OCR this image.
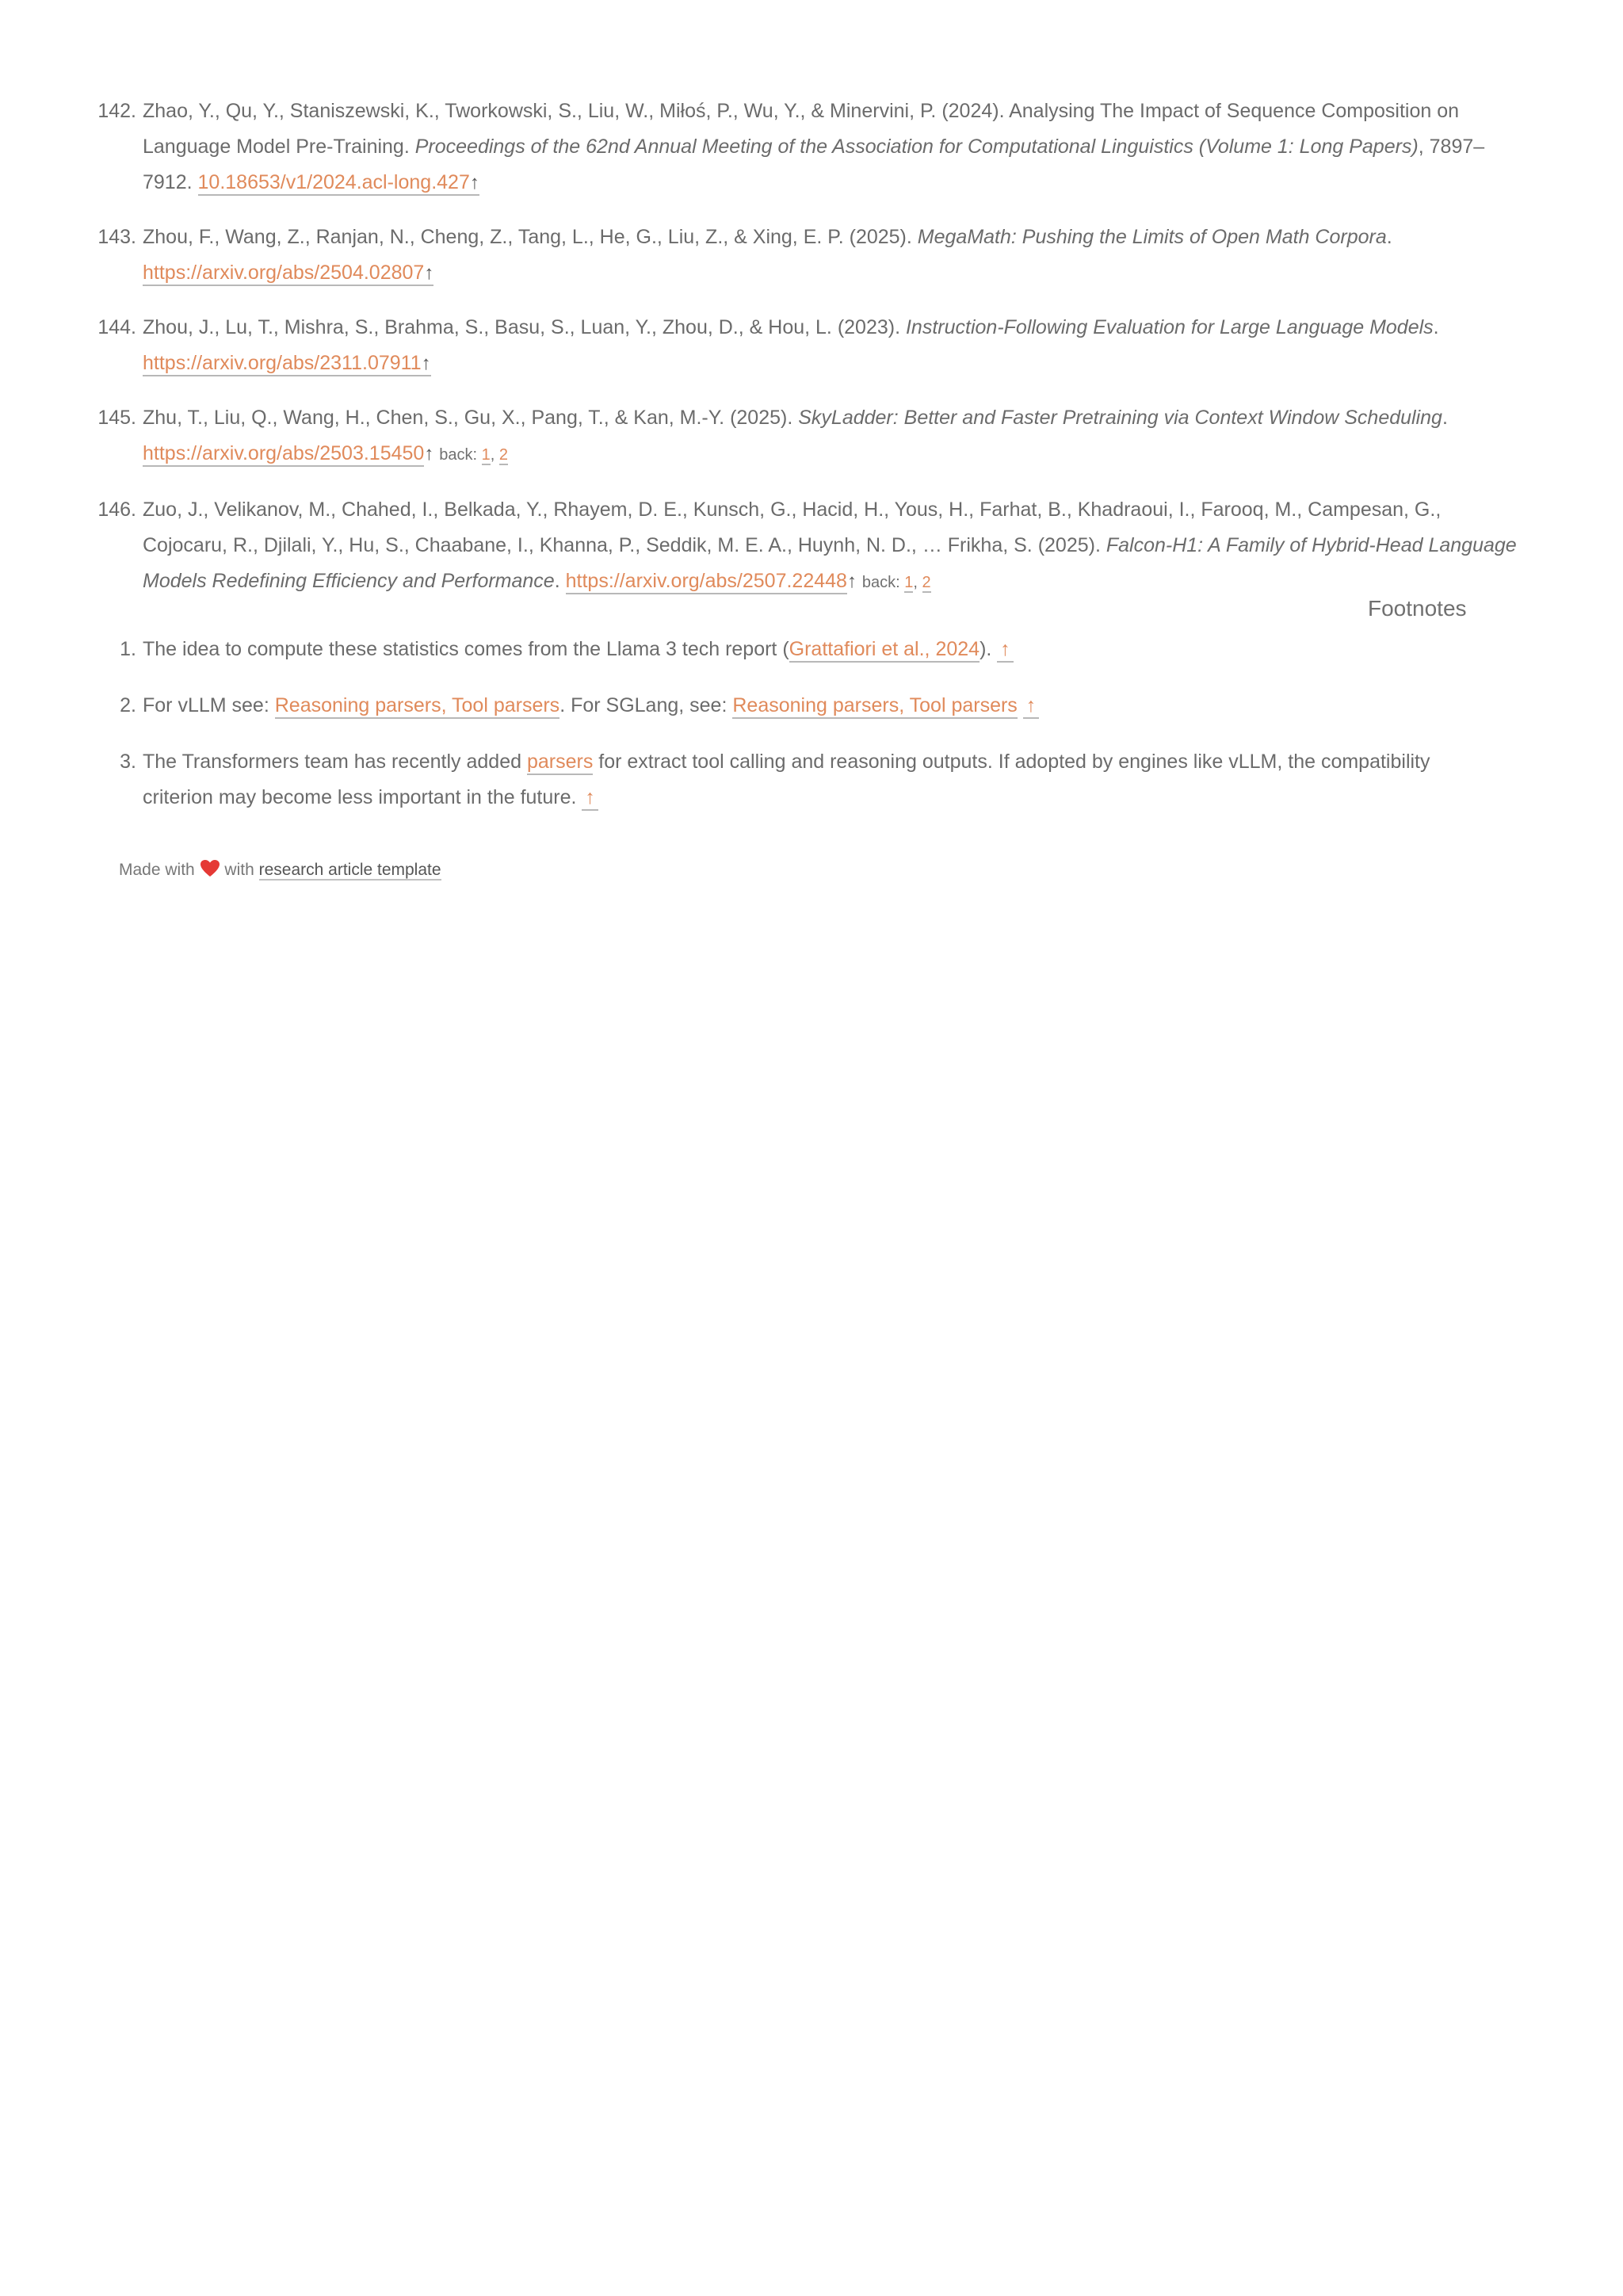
142. Zhao, Y., Qu, Y., Staniszewski, K., Tworkowski, S., Liu, W., Miłoś, P., Wu, Y., & Minervini, P. (2024). Analysing The Impact of Sequence Composition on Language Model Pre-Training. Proceedings of the 62nd Annual Meeting of the Association for Computational Linguistics (Volume 1: Long Papers), 7897–7912. 10.18653/v1/2024.acl-long.427↑
143. Zhou, F., Wang, Z., Ranjan, N., Cheng, Z., Tang, L., He, G., Liu, Z., & Xing, E. P. (2025). MegaMath: Pushing the Limits of Open Math Corpora.
https://arxiv.org/abs/2504.02807↑
144. Zhou, J., Lu, T., Mishra, S., Brahma, S., Basu, S., Luan, Y., Zhou, D., & Hou, L. (2023). Instruction-Following Evaluation for Large Language Models.
https://arxiv.org/abs/2311.07911↑
145. Zhu, T., Liu, Q., Wang, H., Chen, S., Gu, X., Pang, T., & Kan, M.-Y. (2025). SkyLadder: Better and Faster Pretraining via Context Window Scheduling.
https://arxiv.org/abs/2503.15450↑ back: 1, 2
146. Zuo, J., Velikanov, M., Chahed, I., Belkada, Y., Rhayem, D. E., Kunsch, G., Hacid, H., Yous, H., Farhat, B., Khadraoui, I., Farooq, M., Campesan, G., Cojocaru, R., Djilali, Y., Hu, S., Chaabane, I., Khanna, P., Seddik, M. E. A., Huynh, N. D., … Frikha, S. (2025). Falcon-H1: A Family of Hybrid-Head Language Models Redefining Efficiency and Performance. https://arxiv.org/abs/2507.22448↑ back: 1, 2
Footnotes
1. The idea to compute these statistics comes from the Llama 3 tech report (Grattafiori et al., 2024). ↑
2. For vLLM see: Reasoning parsers, Tool parsers. For SGLang, see: Reasoning parsers, Tool parsers ↑
3. The Transformers team has recently added parsers for extract tool calling and reasoning outputs. If adopted by engines like vLLM, the compatibility criterion may become less important in the future. ↑
Made with with research article template
